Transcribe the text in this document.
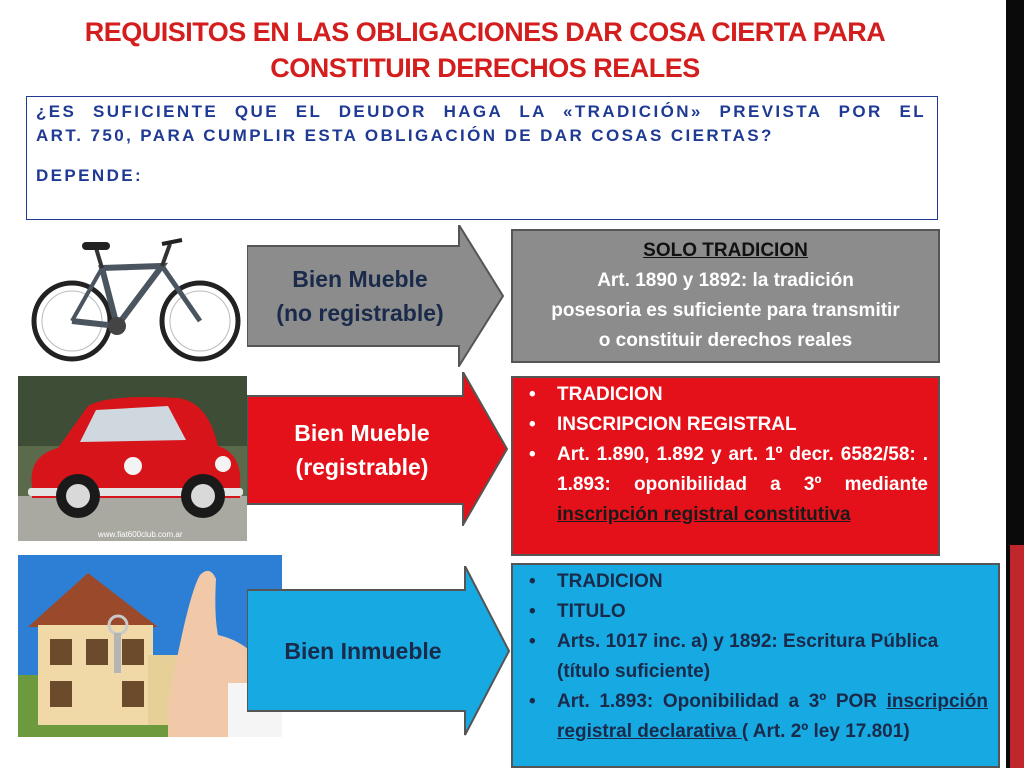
REQUISITOS EN LAS OBLIGACIONES DAR COSA CIERTA PARA
CONSTITUIR DERECHOS REALES
¿ES SUFICIENTE QUE EL DEUDOR HAGA LA «TRADICIÓN» PREVISTA POR EL
ART. 750, PARA CUMPLIR ESTA OBLIGACIÓN DE DAR COSAS CIERTAS?
DEPENDE:
Bien Mueble
(no registrable)
SOLO TRADICION
Art. 1890 y 1892: la tradición
posesoria es suficiente para transmitir
o constituir derechos reales
www.fiat600club.com.ar
Bien Mueble
(registrable)
• TRADICION
• INSCRIPCION REGISTRAL
• Art. 1.890, 1.892 y art. 1º decr. 6582/58: . 1.893: oponibilidad a 3º mediante inscripción registral constitutiva
Bien Inmueble
• TRADICION
• TITULO
• Arts. 1017 inc. a) y 1892: Escritura Pública (título suficiente)
• Art. 1.893: Oponibilidad a 3º POR inscripción registral declarativa ( Art. 2º ley 17.801)
